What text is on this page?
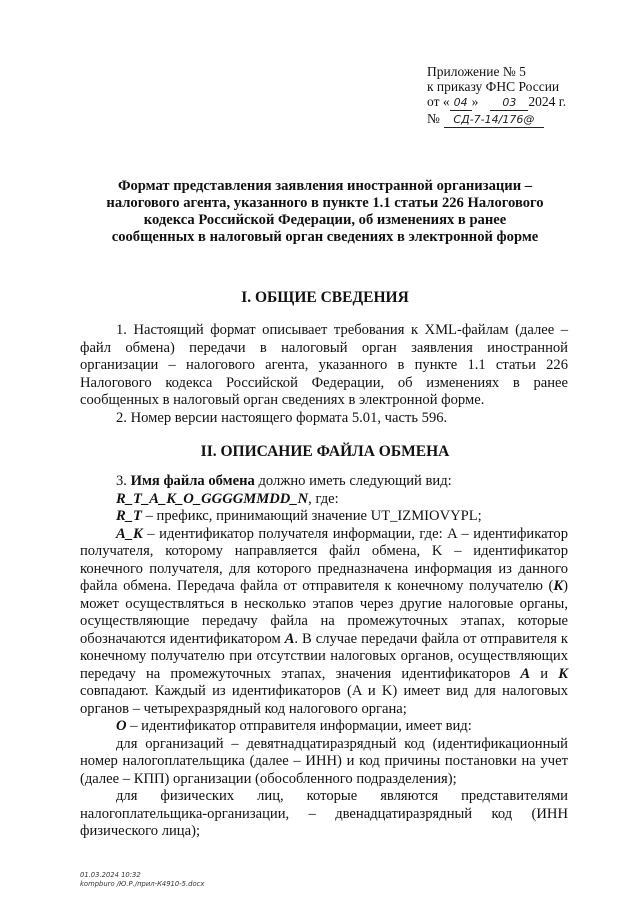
Приложение № 5
к приказу ФНС России
от « 04 » 03 2024 г.
№ СД-7-14/176@
Формат представления заявления иностранной организации –
налогового агента, указанного в пункте 1.1 статьи 226 Налогового
кодекса Российской Федерации, об изменениях в ранее
сообщенных в налоговый орган сведениях в электронной форме
I. ОБЩИЕ СВЕДЕНИЯ

1. Настоящий формат описывает требования к XML-файлам (далее – файл обмена) передачи в налоговый орган заявления иностранной организации – налогового агента, указанного в пункте 1.1 статьи 226 Налогового кодекса Российской Федерации, об изменениях в ранее сообщенных в налоговый орган сведениях в электронной форме.

2. Номер версии настоящего формата 5.01, часть 596.

II. ОПИСАНИЕ ФАЙЛА ОБМЕНА

3. Имя файла обмена должно иметь следующий вид:

R_T_A_K_O_GGGGMMDD_N, где:

R_T – префикс, принимающий значение UT_IZMIOVYPL;

A_K – идентификатор получателя информации, где: A – идентификатор получателя, которому направляется файл обмена, K – идентификатор конечного получателя, для которого предназначена информация из данного файла обмена. Передача файла от отправителя к конечному получателю (K) может осуществляться в несколько этапов через другие налоговые органы, осуществляющие передачу файла на промежуточных этапах, которые обозначаются идентификатором A. В случае передачи файла от отправителя к конечному получателю при отсутствии налоговых органов, осуществляющих передачу на промежуточных этапах, значения идентификаторов A и K совпадают. Каждый из идентификаторов (A и K) имеет вид для налоговых органов – четырехразрядный код налогового органа;

O – идентификатор отправителя информации, имеет вид:

для организаций – девятнадцатиразрядный код (идентификационный номер налогоплательщика (далее – ИНН) и код причины постановки на учет (далее – КПП) организации (обособленного подразделения);

для физических лиц, которые являются представителями налогоплательщика-организации, – двенадцатиразрядный код (ИНН физического лица);

01.03.2024 10:32
kompburo /Ю.Р./прил-К4910-5.docx
